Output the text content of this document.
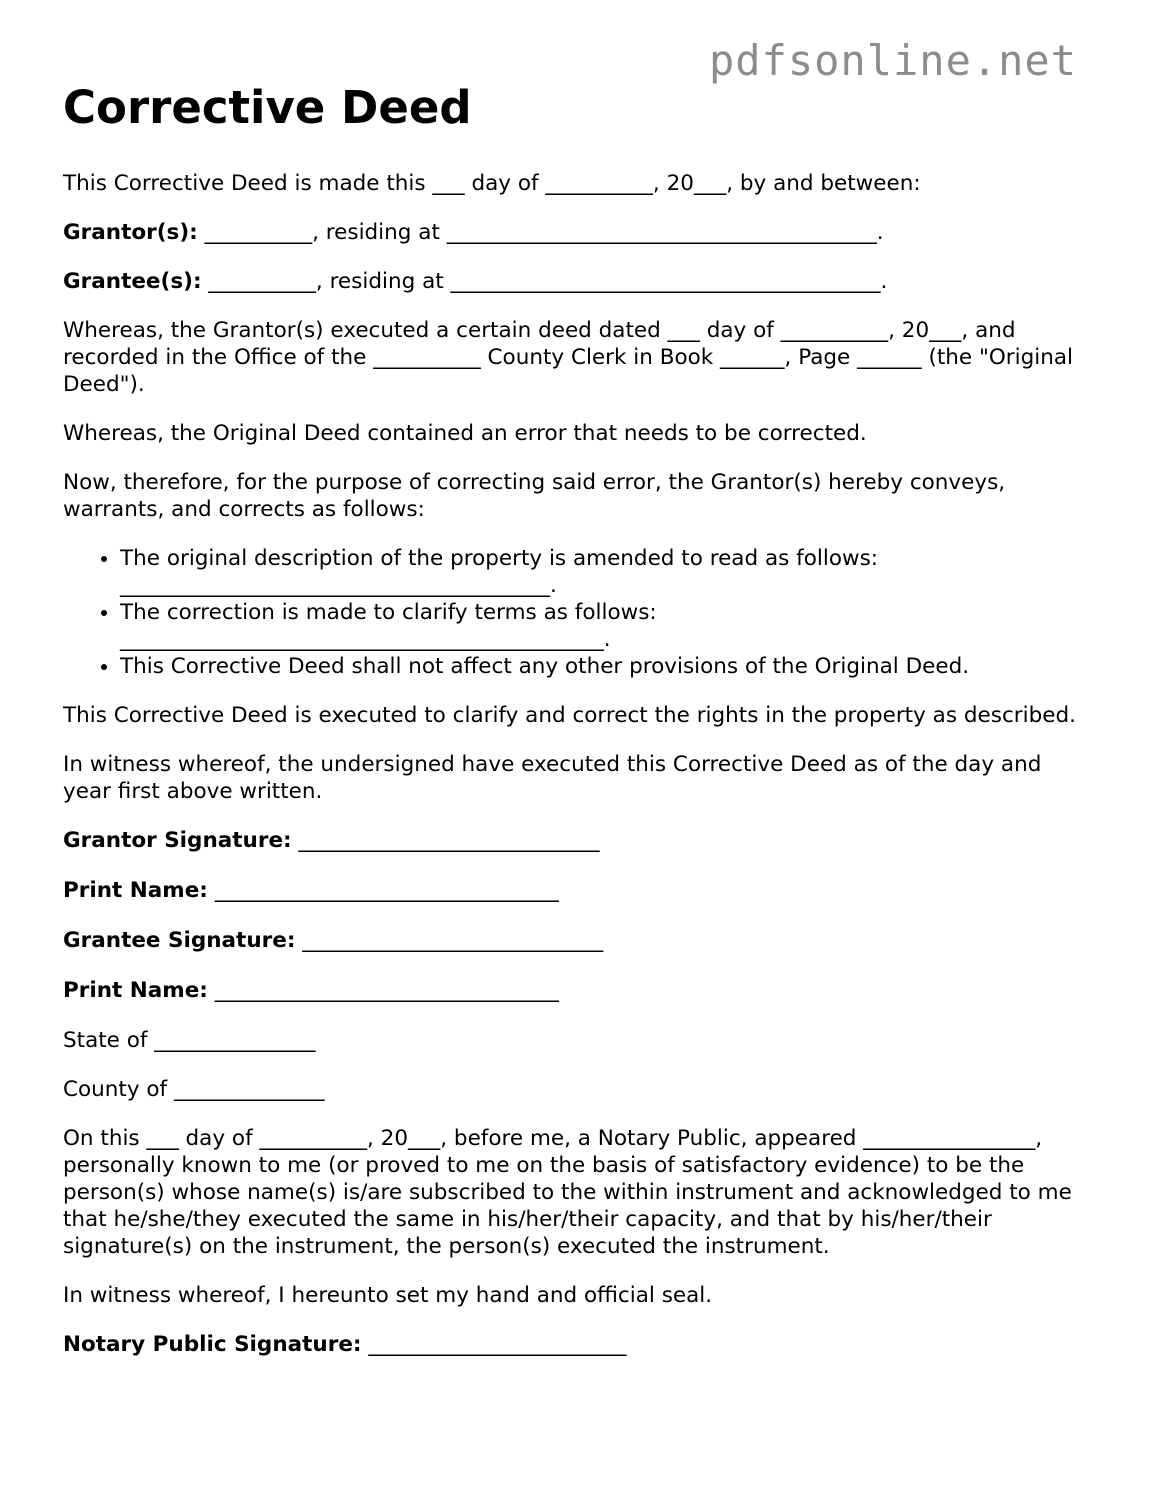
pdfsonline.net
Corrective Deed

This Corrective Deed is made this ___ day of __________, 20___, by and between:

Grantor(s): __________, residing at ________________________________________.

Grantee(s): __________, residing at ________________________________________.

Whereas, the Grantor(s) executed a certain deed dated ___ day of __________, 20___, and recorded in the Office of the __________ County Clerk in Book ______, Page ______ (the "Original Deed").

Whereas, the Original Deed contained an error that needs to be corrected.

Now, therefore, for the purpose of correcting said error, the Grantor(s) hereby conveys, warrants, and corrects as follows:

• The original description of the property is amended to read as follows: ________________________________________.
• The correction is made to clarify terms as follows: _____________________________________________.
• This Corrective Deed shall not affect any other provisions of the Original Deed.

This Corrective Deed is executed to clarify and correct the rights in the property as described.

In witness whereof, the undersigned have executed this Corrective Deed as of the day and year first above written.

Grantor Signature: ____________________________

Print Name: ________________________________

Grantee Signature: ____________________________

Print Name: ________________________________

State of _______________

County of ______________

On this ___ day of __________, 20___, before me, a Notary Public, appeared ________________, personally known to me (or proved to me on the basis of satisfactory evidence) to be the person(s) whose name(s) is/are subscribed to the within instrument and acknowledged to me that he/she/they executed the same in his/her/their capacity, and that by his/her/their signature(s) on the instrument, the person(s) executed the instrument.

In witness whereof, I hereunto set my hand and official seal.

Notary Public Signature: ________________________
